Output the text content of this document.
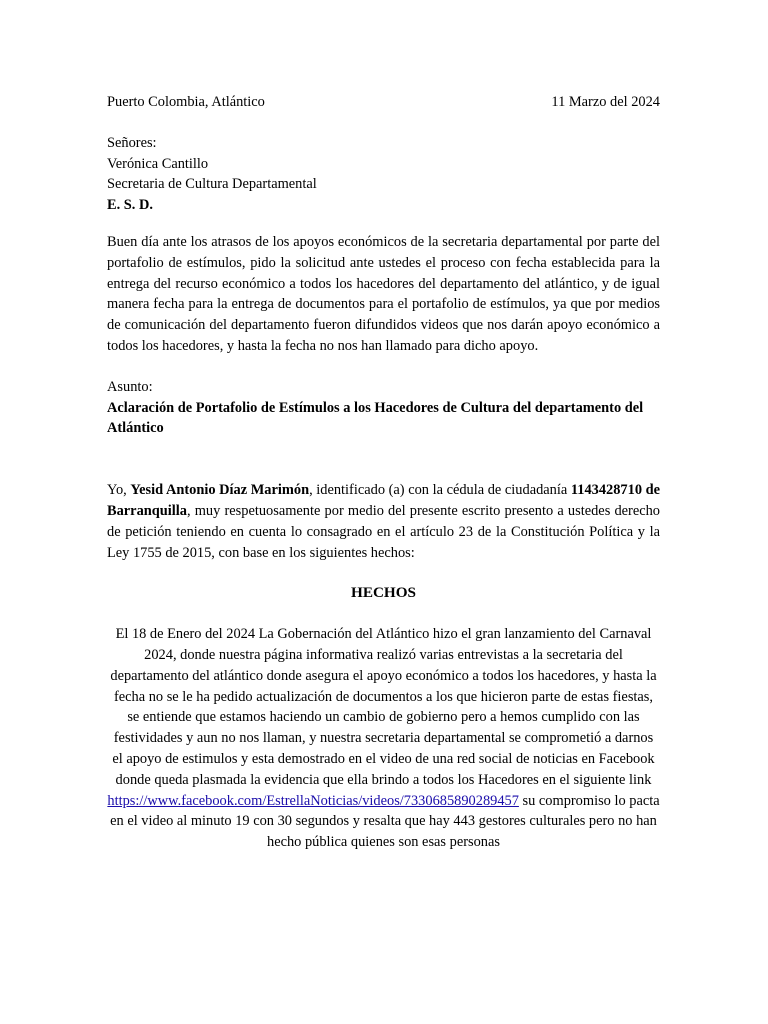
Puerto Colombia, Atlántico	11 Marzo del 2024
Señores:
Verónica Cantillo
Secretaria de Cultura Departamental
E. S. D.

Buen día ante los atrasos de los apoyos económicos de la secretaria departamental por parte del portafolio de estímulos, pido la solicitud ante ustedes el proceso con fecha establecida para la entrega del recurso económico a todos los hacedores del departamento del atlántico, y de igual manera fecha para la entrega de documentos para el portafolio de estímulos, ya que por medios de comunicación del departamento fueron difundidos videos que nos darán apoyo económico a todos los hacedores, y hasta la fecha no nos han llamado para dicho apoyo.

Asunto:
Aclaración de Portafolio de Estímulos a los Hacedores de Cultura del departamento del Atlántico

Yo, Yesid Antonio Díaz Marimón, identificado (a) con la cédula de ciudadanía 1143428710 de Barranquilla, muy respetuosamente por medio del presente escrito presento a ustedes derecho de petición teniendo en cuenta lo consagrado en el artículo 23 de la Constitución Política y la Ley 1755 de 2015, con base en los siguientes hechos:

HECHOS

El 18 de Enero del 2024 La Gobernación del Atlántico hizo el gran lanzamiento del Carnaval 2024, donde nuestra página informativa realizó varias entrevistas a la secretaria del departamento del atlántico donde asegura el apoyo económico a todos los hacedores, y hasta la fecha no se le ha pedido actualización de documentos a los que hicieron parte de estas fiestas, se entiende que estamos haciendo un cambio de gobierno pero a hemos cumplido con las festividades y aun no nos llaman, y nuestra secretaria departamental se comprometió a darnos el apoyo de estimulos y esta demostrado en el video de una red social de noticias en Facebook donde queda plasmada la evidencia que ella brindo a todos los Hacedores en el siguiente link https://www.facebook.com/EstrellaNoticias/videos/7330685890289457 su compromiso lo pacta en el video al minuto 19 con 30 segundos y resalta que hay 443 gestores culturales pero no han hecho pública quienes son esas personas
